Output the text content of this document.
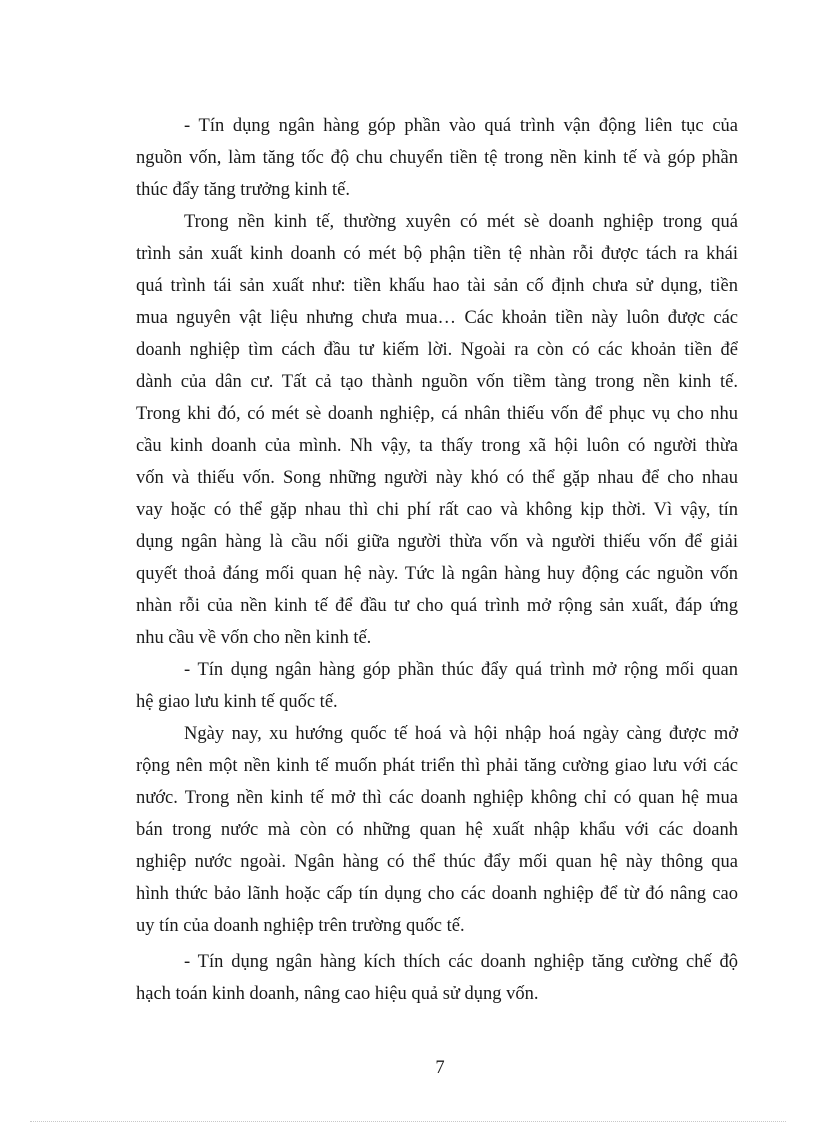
- Tín dụng ngân hàng góp phần vào quá trình vận động liên tục của
nguồn vốn, làm tăng tốc độ chu chuyển tiền tệ trong nền kinh tế và góp phần
thúc đẩy tăng trưởng kinh tế.
Trong nền kinh tế, thường xuyên có mét sè doanh nghiệp trong quá
trình sản xuất kinh doanh có mét bộ phận tiền tệ nhàn rỗi được tách ra khái
quá trình tái sản xuất như: tiền khấu hao tài sản cố định chưa sử dụng, tiền
mua nguyên vật liệu nhưng chưa mua… Các khoản tiền này luôn được các
doanh nghiệp tìm cách đầu tư kiếm lời. Ngoài ra còn có các khoản tiền để
dành của dân cư. Tất cả tạo thành nguồn vốn tiềm tàng trong nền kinh tế.
Trong khi đó, có mét sè doanh nghiệp, cá nhân thiếu vốn để phục vụ cho nhu
cầu kinh doanh của mình. Nh vậy, ta thấy trong xã hội luôn có người thừa
vốn và thiếu vốn. Song những người này khó có thể gặp nhau để cho nhau
vay hoặc có thể gặp nhau thì chi phí rất cao và không kịp thời. Vì vậy, tín
dụng ngân hàng là cầu nối giữa người thừa vốn và người thiếu vốn để giải
quyết thoả đáng mối quan hệ này. Tức là ngân hàng huy động các nguồn vốn
nhàn rỗi của nền kinh tế để đầu tư cho quá trình mở rộng sản xuất, đáp ứng
nhu cầu về vốn cho nền kinh tế.
- Tín dụng ngân hàng góp phần thúc đẩy quá trình mở rộng mối quan
hệ giao lưu kinh tế quốc tế.
Ngày nay, xu hướng quốc tế hoá và hội nhập hoá ngày càng được mở
rộng nên một nền kinh tế muốn phát triển thì phải tăng cường giao lưu với các
nước. Trong nền kinh tế mở thì các doanh nghiệp không chỉ có quan hệ mua
bán trong nước mà còn có những quan hệ xuất nhập khẩu với các doanh
nghiệp nước ngoài. Ngân hàng có thể thúc đẩy mối quan hệ này thông qua
hình thức bảo lãnh hoặc cấp tín dụng cho các doanh nghiệp để từ đó nâng cao
uy tín của doanh nghiệp trên trường quốc tế.
- Tín dụng ngân hàng kích thích các doanh nghiệp tăng cường chế độ
hạch toán kinh doanh, nâng cao hiệu quả sử dụng vốn.
7
